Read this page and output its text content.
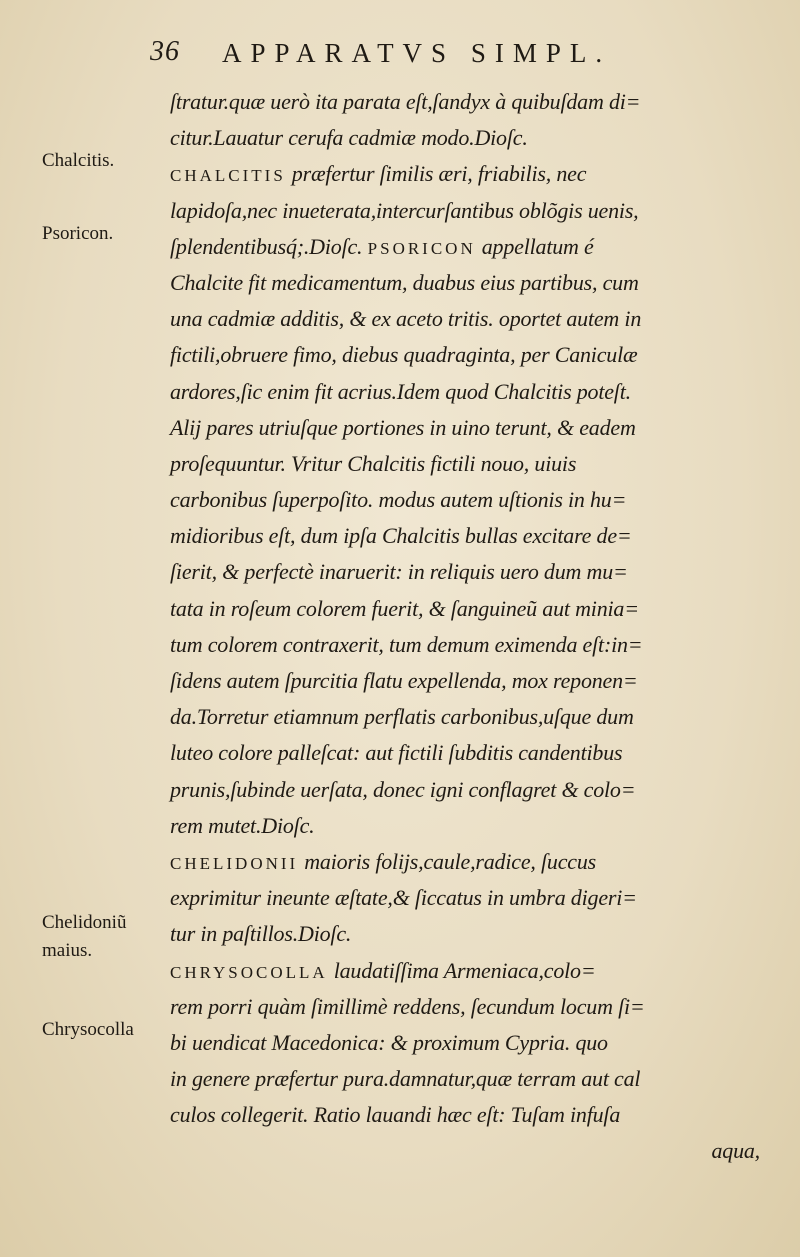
36 APPARATVS SIMPL.
Chalcitis.
Psoricon.
Chelidoniũ
maius.
Chrysocolla
ſtratur.quæ uerò ita parata eſt,ſandyx à quibuſdam di=
citur.Lauatur cerufa cadmiæ modo.Dioſc.
CHALCITIS præfertur ſimilis æri, friabilis, nec
lapidoſa,nec inueterata,intercurſantibus oblõgis uenis,
ſplendentibusq́;.Dioſc. PSORICON appellatum é
Chalcite fit medicamentum, duabus eius partibus, cum
una cadmiæ additis, & ex aceto tritis. oportet autem in
fictili,obruere fimo, diebus quadraginta, per Caniculæ
ardores,ſic enim fit acrius.Idem quod Chalcitis poteſt.
Alij pares utriuſque portiones in uino terunt, & eadem
proſequuntur. Vritur Chalcitis fictili nouo, uiuis
carbonibus ſuperpoſito. modus autem uſtionis in hu=
midioribus eſt, dum ipſa Chalcitis bullas excitare de=
ſierit, & perfectè inaruerit: in reliquis uero dum mu=
tata in roſeum colorem fuerit, & ſanguineũ aut minia=
tum colorem contraxerit, tum demum eximenda eſt:in=
ſidens autem ſpurcitia flatu expellenda, mox reponen=
da.Torretur etiamnum perflatis carbonibus,uſque dum
luteo colore palleſcat: aut fictili ſubditis candentibus
prunis,ſubinde uerſata, donec igni conflagret & colo=
rem mutet.Dioſc.
CHELIDONII maioris folijs,caule,radice, ſuccus
exprimitur ineunte æſtate,& ſiccatus in umbra digeri=
tur in paſtillos.Dioſc.
CHRYSOCOLLA laudatiſſima Armeniaca,colo=
rem porri quàm ſimillimè reddens, ſecundum locum ſi=
bi uendicat Macedonica: & proximum Cypria. quo
in genere præfertur pura.damnatur,quæ terram aut cal
culos collegerit. Ratio lauandi hæc eſt: Tuſam infuſa
aqua,
